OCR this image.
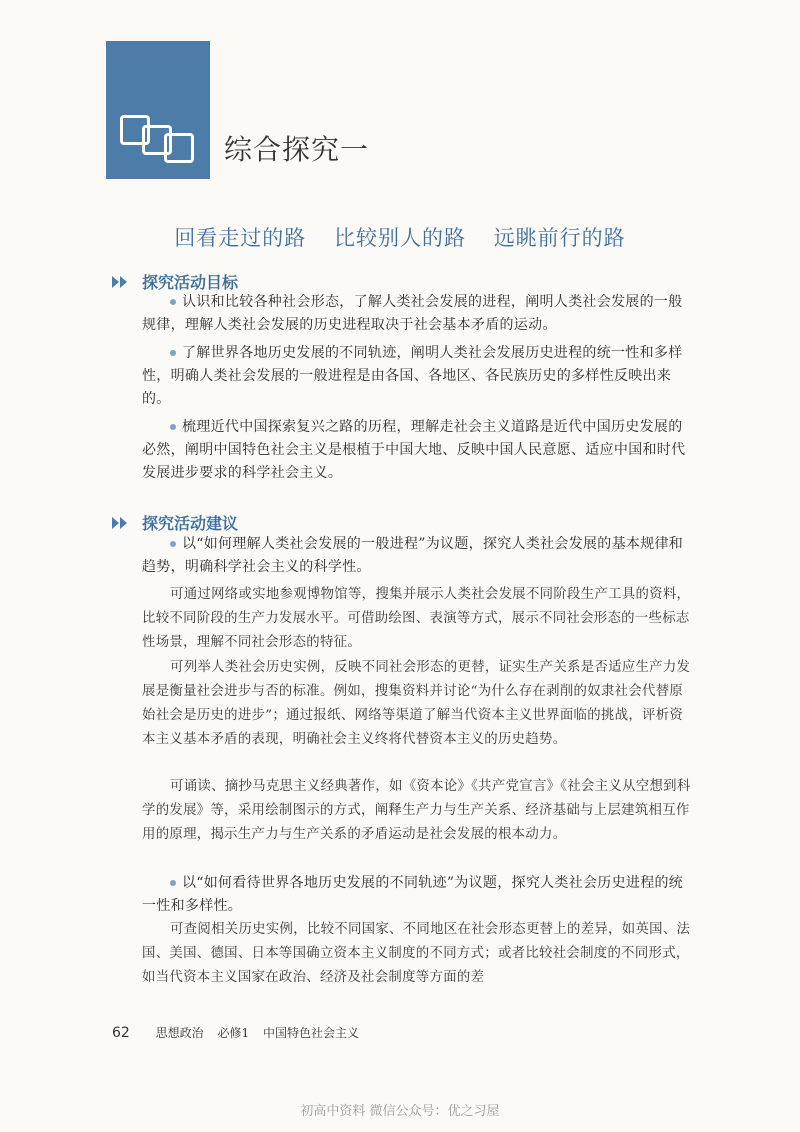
综合探究一
回看走过的路 比较别人的路 远眺前行的路
探究活动目标

认识和比较各种社会形态，了解人类社会发展的进程，阐明人类社会发展的一般规律，理解人类社会发展的历史进程取决于社会基本矛盾的运动。

了解世界各地历史发展的不同轨迹，阐明人类社会发展历史进程的统一性和多样性，明确人类社会发展的一般进程是由各国、各地区、各民族历史的多样性反映出来的。

梳理近代中国探索复兴之路的历程，理解走社会主义道路是近代中国历史发展的必然，阐明中国特色社会主义是根植于中国大地、反映中国人民意愿、适应中国和时代发展进步要求的科学社会主义。

探究活动建议

以“如何理解人类社会发展的一般进程”为议题，探究人类社会发展的基本规律和趋势，明确科学社会主义的科学性。

可通过网络或实地参观博物馆等，搜集并展示人类社会发展不同阶段生产工具的资料，比较不同阶段的生产力发展水平。可借助绘图、表演等方式，展示不同社会形态的一些标志性场景，理解不同社会形态的特征。

可列举人类社会历史实例，反映不同社会形态的更替，证实生产关系是否适应生产力发展是衡量社会进步与否的标准。例如，搜集资料并讨论“为什么存在剥削的奴隶社会代替原始社会是历史的进步”；通过报纸、网络等渠道了解当代资本主义世界面临的挑战，评析资本主义基本矛盾的表现，明确社会主义终将代替资本主义的历史趋势。

可诵读、摘抄马克思主义经典著作，如《资本论》《共产党宣言》《社会主义从空想到科学的发展》等，采用绘制图示的方式，阐释生产力与生产关系、经济基础与上层建筑相互作用的原理，揭示生产力与生产关系的矛盾运动是社会发展的根本动力。

以“如何看待世界各地历史发展的不同轨迹”为议题，探究人类社会历史进程的统一性和多样性。

可查阅相关历史实例，比较不同国家、不同地区在社会形态更替上的差异，如英国、法国、美国、德国、日本等国确立资本主义制度的不同方式；或者比较社会制度的不同形式，如当代资本主义国家在政治、经济及社会制度等方面的差

62 思想政治 必修1 中国特色社会主义
初高中资料 微信公众号：优之习屋
